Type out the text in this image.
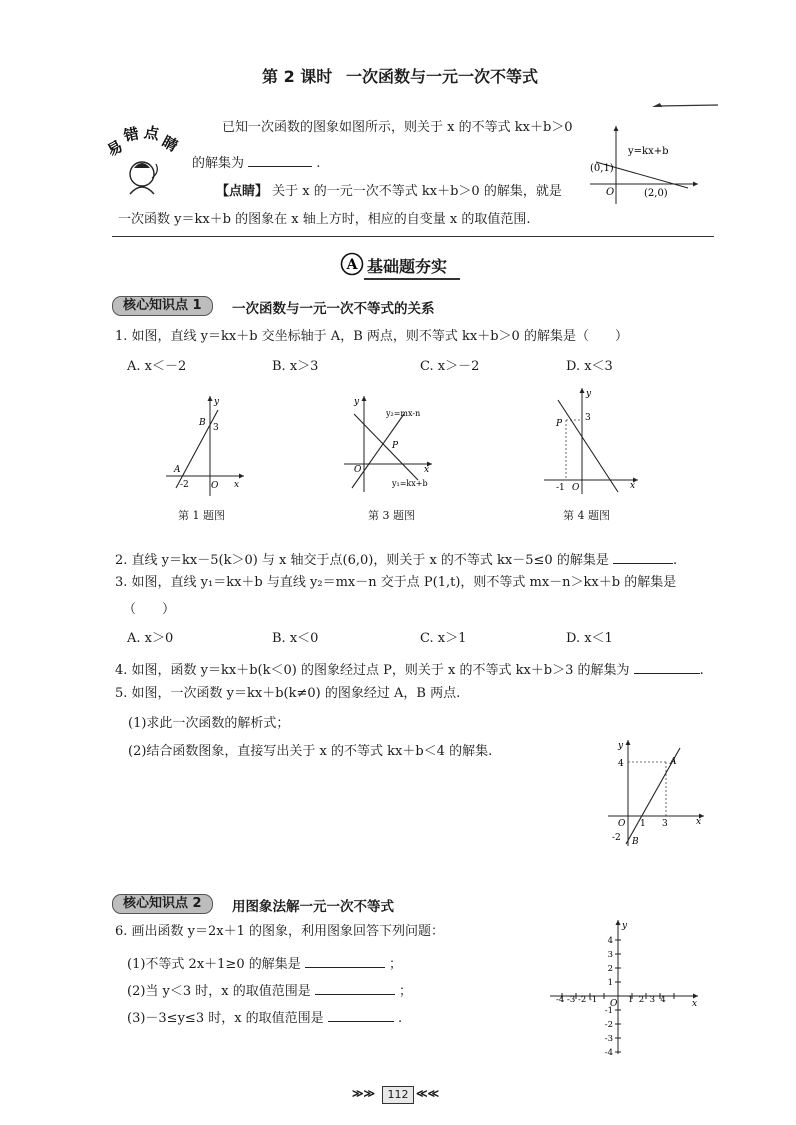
第 2 课时 一次函数与一元一次不等式
易
错 点
睛
已知一次函数的图象如图所示，则关于 x 的不等式 kx＋b＞0
的解集为	.
【点睛】 关于 x 的一元一次不等式 kx＋b＞0 的解集，就是
一次函数 y＝kx＋b 的图象在 x 轴上方时，相应的自变量 x 的取值范围.
y=kx+b
(0,1)
O	(2,0)
A 基础题夯实
核心知识点 1	一次函数与一元一次不等式的关系
1. 如图，直线 y＝kx＋b 交坐标轴于 A，B 两点，则不等式 kx＋b＞0 的解集是（　　）
A. x＜－2	B. x＞3	C. x＞－2	D. x＜3
y
x
B 3
A
-2 O
第 1 题图
y
x
y₂=mx-n
P
O
y₁=kx+b
第 3 题图
y
x
P
3
-1 O
第 4 题图
2. 直线 y＝kx－5(k＞0) 与 x 轴交于点(6,0)，则关于 x 的不等式 kx－5≤0 的解集是	.
3. 如图，直线 y₁＝kx＋b 与直线 y₂＝mx－n 交于点 P(1,t)，则不等式 mx－n＞kx＋b 的解集是
（　　）
A. x＞0	B. x＜0	C. x＞1	D. x＜1
4. 如图，函数 y＝kx＋b(k＜0) 的图象经过点 P，则关于 x 的不等式 kx＋b＞3 的解集为	.
5. 如图，一次函数 y＝kx＋b(k≠0) 的图象经过 A，B 两点.
(1)求此一次函数的解析式；
(2)结合函数图象，直接写出关于 x 的不等式 kx＋b＜4 的解集.	y
x
4	A
O 1 3
-2 B
核心知识点 2	用图象法解一元一次不等式
6. 画出函数 y＝2x＋1 的图象，利用图象回答下列问题：
(1)不等式 2x＋1≥0 的解集是	；
(2)当 y＜3 时，x 的取值范围是	；
(3)－3≤y≤3 时，x 的取值范围是	.
y
x
O
4
3
2
1
-1
-2
-3
-4
-4 -3 -2 -1	1  2  3  4
≫≫	112 ≪≪
